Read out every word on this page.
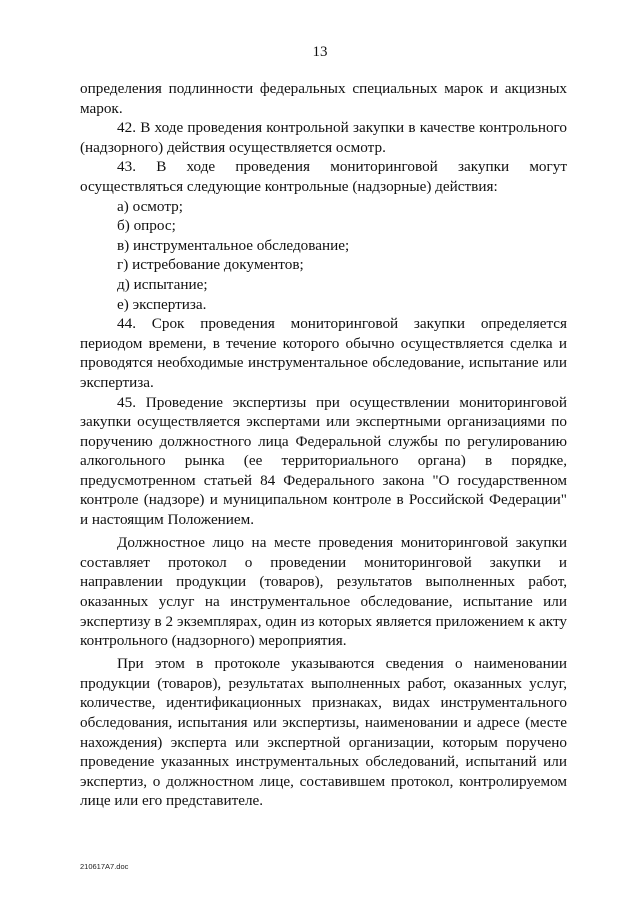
13

определения подлинности федеральных специальных марок и акцизных марок.

42. В ходе проведения контрольной закупки в качестве контрольного (надзорного) действия осуществляется осмотр.

43. В ходе проведения мониторинговой закупки могут осуществляться следующие контрольные (надзорные) действия:

а) осмотр;

б) опрос;

в) инструментальное обследование;

г) истребование документов;

д) испытание;

е) экспертиза.

44. Срок проведения мониторинговой закупки определяется периодом времени, в течение которого обычно осуществляется сделка и проводятся необходимые инструментальное обследование, испытание или экспертиза.

45. Проведение экспертизы при осуществлении мониторинговой закупки осуществляется экспертами или экспертными организациями по поручению должностного лица Федеральной службы по регулированию алкогольного рынка (ее территориального органа) в порядке, предусмотренном статьей 84 Федерального закона "О государственном контроле (надзоре) и муниципальном контроле в Российской Федерации" и настоящим Положением.

Должностное лицо на месте проведения мониторинговой закупки составляет протокол о проведении мониторинговой закупки и направлении продукции (товаров), результатов выполненных работ, оказанных услуг на инструментальное обследование, испытание или экспертизу в 2 экземплярах, один из которых является приложением к акту контрольного (надзорного) мероприятия.

При этом в протоколе указываются сведения о наименовании продукции (товаров), результатах выполненных работ, оказанных услуг, количестве, идентификационных признаках, видах инструментального обследования, испытания или экспертизы, наименовании и адресе (месте нахождения) эксперта или экспертной организации, которым поручено проведение указанных инструментальных обследований, испытаний или экспертиз, о должностном лице, составившем протокол, контролируемом лице или его представителе.

210617A7.doc
